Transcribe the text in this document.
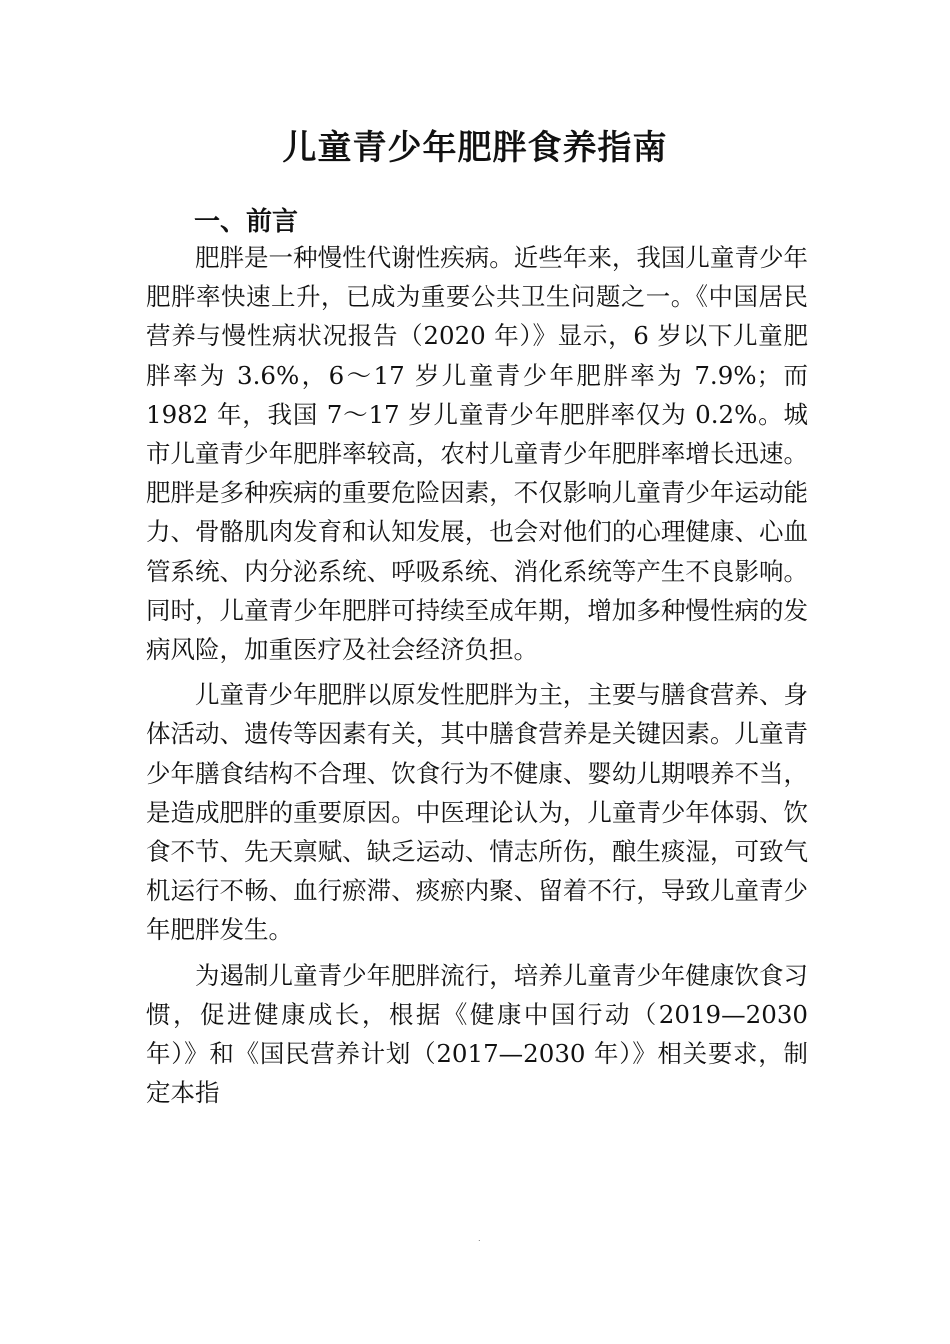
儿童青少年肥胖食养指南
一、前言

肥胖是一种慢性代谢性疾病。近些年来，我国儿童青少年肥胖率快速上升，已成为重要公共卫生问题之一。《中国居民营养与慢性病状况报告（2020 年）》显示，6 岁以下儿童肥胖率为 3.6%，6～17 岁儿童青少年肥胖率为 7.9%；而 1982 年，我国 7～17 岁儿童青少年肥胖率仅为 0.2%。城市儿童青少年肥胖率较高，农村儿童青少年肥胖率增长迅速。肥胖是多种疾病的重要危险因素，不仅影响儿童青少年运动能力、骨骼肌肉发育和认知发展，也会对他们的心理健康、心血管系统、内分泌系统、呼吸系统、消化系统等产生不良影响。同时，儿童青少年肥胖可持续至成年期，增加多种慢性病的发病风险，加重医疗及社会经济负担。

儿童青少年肥胖以原发性肥胖为主，主要与膳食营养、身体活动、遗传等因素有关，其中膳食营养是关键因素。儿童青少年膳食结构不合理、饮食行为不健康、婴幼儿期喂养不当，是造成肥胖的重要原因。中医理论认为，儿童青少年体弱、饮食不节、先天禀赋、缺乏运动、情志所伤，酿生痰湿，可致气机运行不畅、血行瘀滞、痰瘀内聚、留着不行，导致儿童青少年肥胖发生。

为遏制儿童青少年肥胖流行，培养儿童青少年健康饮食习惯，促进健康成长，根据《健康中国行动（2019—2030 年）》和《国民营养计划（2017—2030 年）》相关要求，制定本指

.
